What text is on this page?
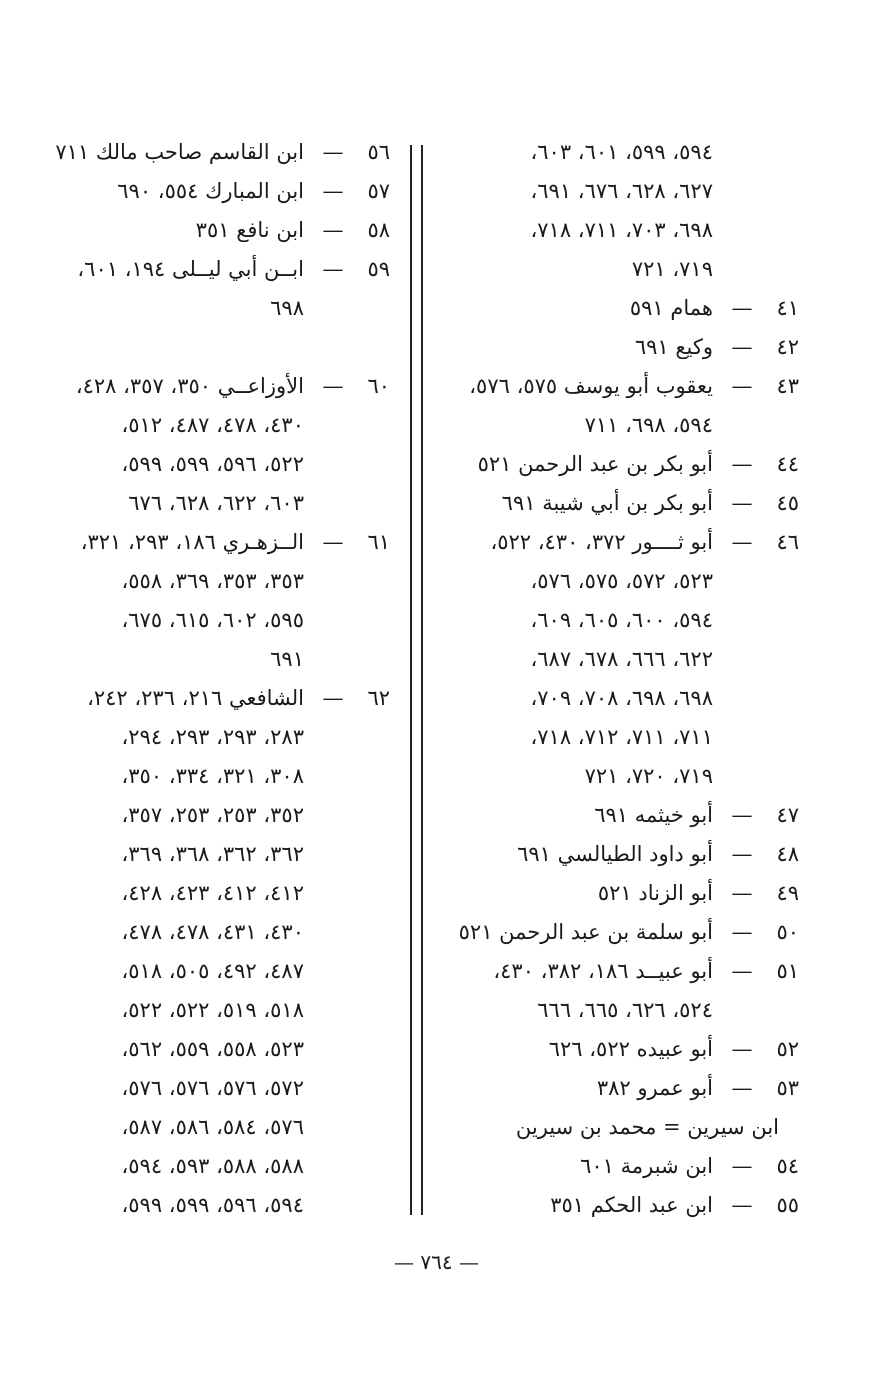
٥٩٤، ٥٩٩، ٦٠١، ٦٠٣،
٦٢٧، ٦٢٨، ٦٧٦، ٦٩١،
٦٩٨، ٧٠٣، ٧١١، ٧١٨،
٧١٩، ٧٢١
٤١
—
همام ٥٩١
٤٢
—
وكيع ٦٩١
٤٣
—
يعقوب أبو يوسف ٥٧٥، ٥٧٦،
٥٩٤، ٦٩٨، ٧١١
٤٤
—
أبو بكر بن عبد الرحمن ٥٢١
٤٥
—
أبو بكر بن أبي شيبة ٦٩١
٤٦
—
أبو ثــــور ٣٧٢، ٤٣٠، ٥٢٢،
٥٢٣، ٥٧٢، ٥٧٥، ٥٧٦،
٥٩٤، ٦٠٠، ٦٠٥، ٦٠٩،
٦٢٢، ٦٦٦، ٦٧٨، ٦٨٧،
٦٩٨، ٦٩٨، ٧٠٨، ٧٠٩،
٧١١، ٧١١، ٧١٢، ٧١٨،
٧١٩، ٧٢٠، ٧٢١
٤٧
—
أبو خيثمه ٦٩١
٤٨
—
أبو داود الطيالسي ٦٩١
٤٩
—
أبو الزناد ٥٢١
٥٠
—
أبو سلمة بن عبد الرحمن ٥٢١
٥١
—
أبو عبيــد ١٨٦، ٣٨٢، ٤٣٠،
٥٢٤، ٦٢٦، ٦٦٥، ٦٦٦
٥٢
—
أبو عبيده ٥٢٢، ٦٢٦
٥٣
—
أبو عمرو ٣٨٢
ابن سيرين = محمد بن سيرين
٥٤
—
ابن شبرمة ٦٠١
٥٥
—
ابن عبد الحكم ٣٥١
٥٦
—
ابن القاسم صاحب مالك ٧١١
٥٧
—
ابن المبارك ٥٥٤، ٦٩٠
٥٨
—
ابن نافع ٣٥١
٥٩
—
ابــن أبي ليــلى ١٩٤، ٦٠١،
٦٩٨
٦٠
—
الأوزاعــي ٣٥٠، ٣٥٧، ٤٢٨،
٤٣٠، ٤٧٨، ٤٨٧، ٥١٢،
٥٢٢، ٥٩٦، ٥٩٩، ٥٩٩،
٦٠٣، ٦٢٢، ٦٢٨، ٦٧٦
٦١
—
الــزهـري ١٨٦، ٢٩٣، ٣٢١،
٣٥٣، ٣٥٣، ٣٦٩، ٥٥٨،
٥٩٥، ٦٠٢، ٦١٥، ٦٧٥،
٦٩١
٦٢
—
الشافعي ٢١٦، ٢٣٦، ٢٤٢،
٢٨٣، ٢٩٣، ٢٩٣، ٢٩٤،
٣٠٨، ٣٢١، ٣٣٤، ٣٥٠،
٣٥٢، ٢٥٣، ٢٥٣، ٣٥٧،
٣٦٢، ٣٦٢، ٣٦٨، ٣٦٩،
٤١٢، ٤١٢، ٤٢٣، ٤٢٨،
٤٣٠، ٤٣١، ٤٧٨، ٤٧٨،
٤٨٧، ٤٩٢، ٥٠٥، ٥١٨،
٥١٨، ٥١٩، ٥٢٢، ٥٢٢،
٥٢٣، ٥٥٨، ٥٥٩، ٥٦٢،
٥٧٢، ٥٧٦، ٥٧٦، ٥٧٦،
٥٧٦، ٥٨٤، ٥٨٦، ٥٨٧،
٥٨٨، ٥٨٨، ٥٩٣، ٥٩٤،
٥٩٤، ٥٩٦، ٥٩٩، ٥٩٩،
— ٧٦٤ —
